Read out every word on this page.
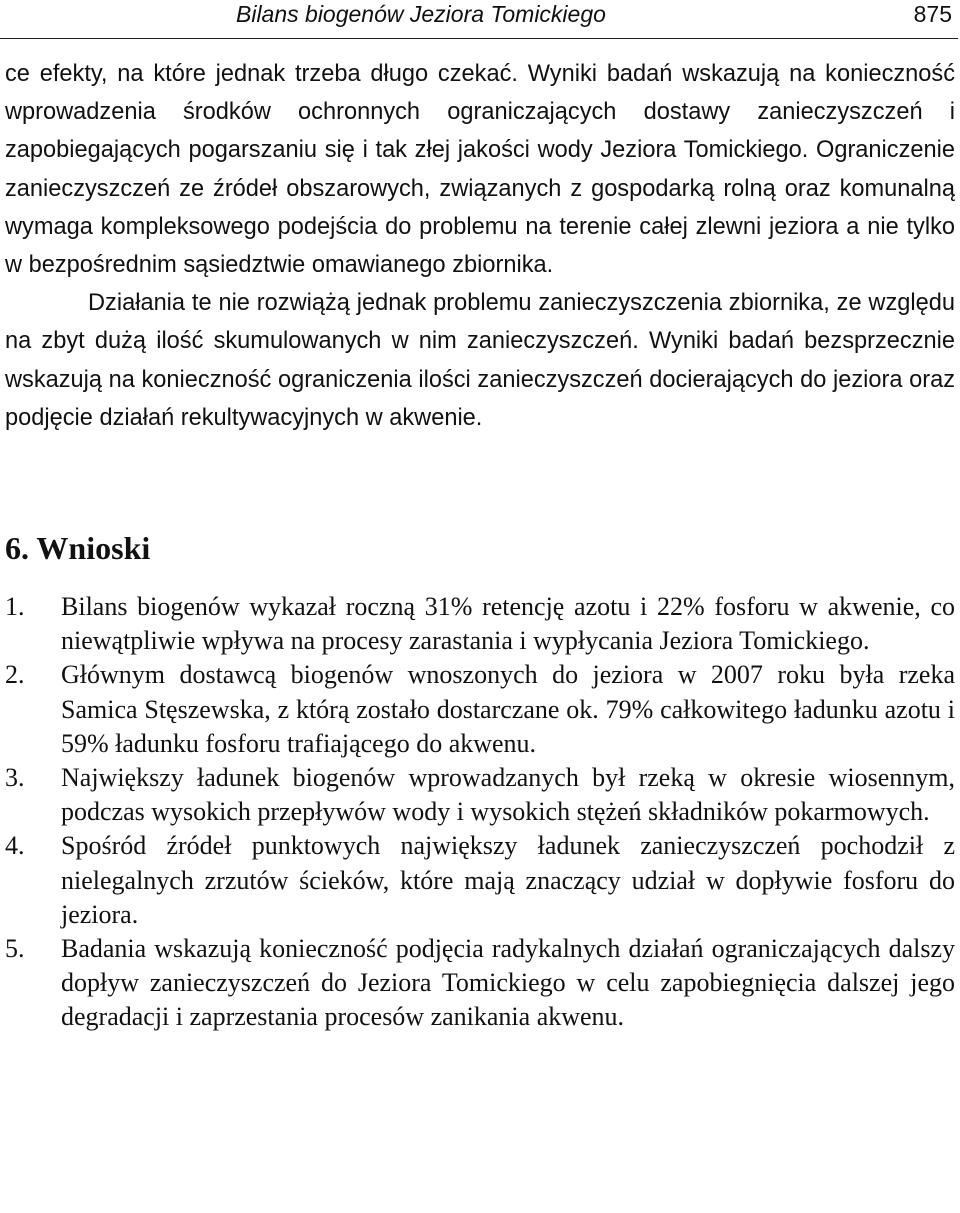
Bilans biogenów Jeziora Tomickiego	875

ce efekty, na które jednak trzeba długo czekać. Wyniki badań wskazują na konieczność wprowadzenia środków ochronnych ograniczających dostawy zanieczyszczeń i zapobiegających pogarszaniu się i tak złej jakości wody Jeziora Tomickiego. Ograniczenie zanieczyszczeń ze źródeł obszarowych, związanych z gospodarką rolną oraz komunalną wymaga kompleksowego podejścia do problemu na terenie całej zlewni jeziora a nie tylko w bezpośrednim sąsiedztwie omawianego zbiornika.

Działania te nie rozwiążą jednak problemu zanieczyszczenia zbiornika, ze względu na zbyt dużą ilość skumulowanych w nim zanieczyszczeń. Wyniki badań bezsprzecznie wskazują na konieczność ograniczenia ilości zanieczyszczeń docierających do jeziora oraz podjęcie działań rekultywacyjnych w akwenie.

6. Wnioski
1.	Bilans biogenów wykazał roczną 31% retencję azotu i 22% fosforu w akwenie, co niewątpliwie wpływa na procesy zarastania i wypłycania Jeziora Tomickiego.
2.	Głównym dostawcą biogenów wnoszonych do jeziora w 2007 roku była rzeka Samica Stęszewska, z którą zostało dostarczane ok. 79% całkowitego ładunku azotu i 59% ładunku fosforu trafiającego do akwenu.
3.	Największy ładunek biogenów wprowadzanych był rzeką w okresie wiosennym, podczas wysokich przepływów wody i wysokich stężeń składników pokarmowych.
4.	Spośród źródeł punktowych największy ładunek zanieczyszczeń pochodził z nielegalnych zrzutów ścieków, które mają znaczący udział w dopływie fosforu do jeziora.
5.	Badania wskazują konieczność podjęcia radykalnych działań ograniczających dalszy dopływ zanieczyszczeń do Jeziora Tomickiego w celu zapobiegnięcia dalszej jego degradacji i zaprzestania procesów zanikania akwenu.
